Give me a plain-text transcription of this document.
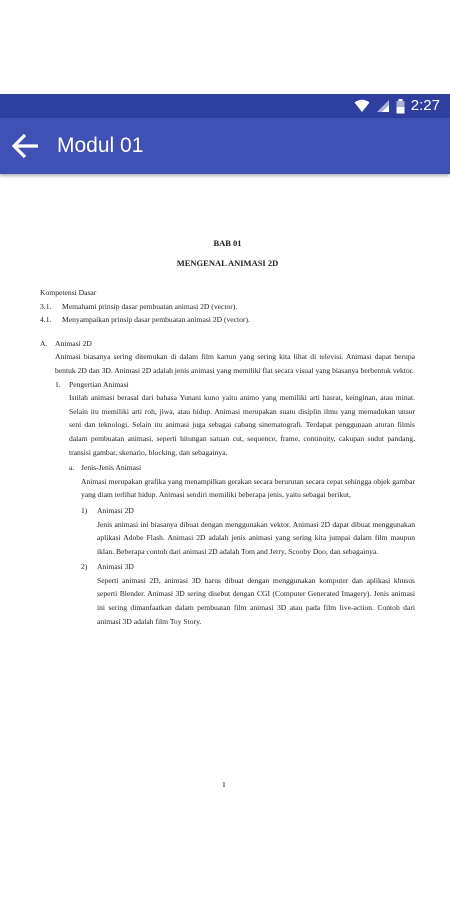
2:27
Modul 01
BAB 01
MENGENAL ANIMASI 2D
Kompetensi Dasar
3.1.	Memahami prinsip dasar pembuatan animasi 2D (vector).
4.1.	Menyampaikan prinsip dasar pembuatan animasi 2D (vector).
A.	Animasi 2D

Animasi biasanya sering ditemukan di dalam film kartun yang sering kita lihat di televisi. Animasi dapat berupa bentuk 2D dan 3D. Animasi 2D adalah jenis animasi yang memiliki flat secara visual yang biasanya berbentuk vektor.

1.	Pengertian Animasi

Istilah animasi berasal dari bahasa Yunani kuno yaitu animo yang memiliki arti hasrat, keinginan, atau minat. Selain itu memiliki arti roh, jiwa, atau hidup. Animasi merupakan suatu disiplin ilmu yang memadukan unsur seni dan teknologi. Selain itu animasi juga sebagai cabang sinematografi. Terdapat penggunaan aturan filmis dalam pembuatan animasi, seperti hitungan satuan cut, sequence, frame, continuity, cakupan sudut pandang, transisi gambar, skenario, blocking, dan sebagainya.

a. Jenis-Jenis Animasi

Animasi merupakan grafika yang menampilkan gerakan secara berurutan secara cepat sehingga objek gambar yang diam terlihat hidup. Animasi sendiri memiliki beberapa jenis, yaitu sebagai berikut,

1)	Animasi 2D

Jenis animasi ini biasanya dibuat dengan menggunakan vektor. Animasi 2D dapat dibuat menggunakan aplikasi Adobe Flash. Animasi 2D adalah jenis animasi yang sering kita jumpai dalam film maupun iklan. Beberapa contoh dari animasi 2D adalah Tom and Jerry, Scooby Doo, dan sebagainya.

2)	Animasi 3D

Seperti animasi 2D, animasi 3D harus dibuat dengan menggunakan komputer dan aplikasi khusus seperti Blender. Animasi 3D sering disebut dengan CGI (Computer Generated Imagery). Jenis animasi ini sering dimanfaatkan dalam pembuatan film animasi 3D atau pada film live-action. Contoh dari animasi 3D adalah film Toy Story.

1
